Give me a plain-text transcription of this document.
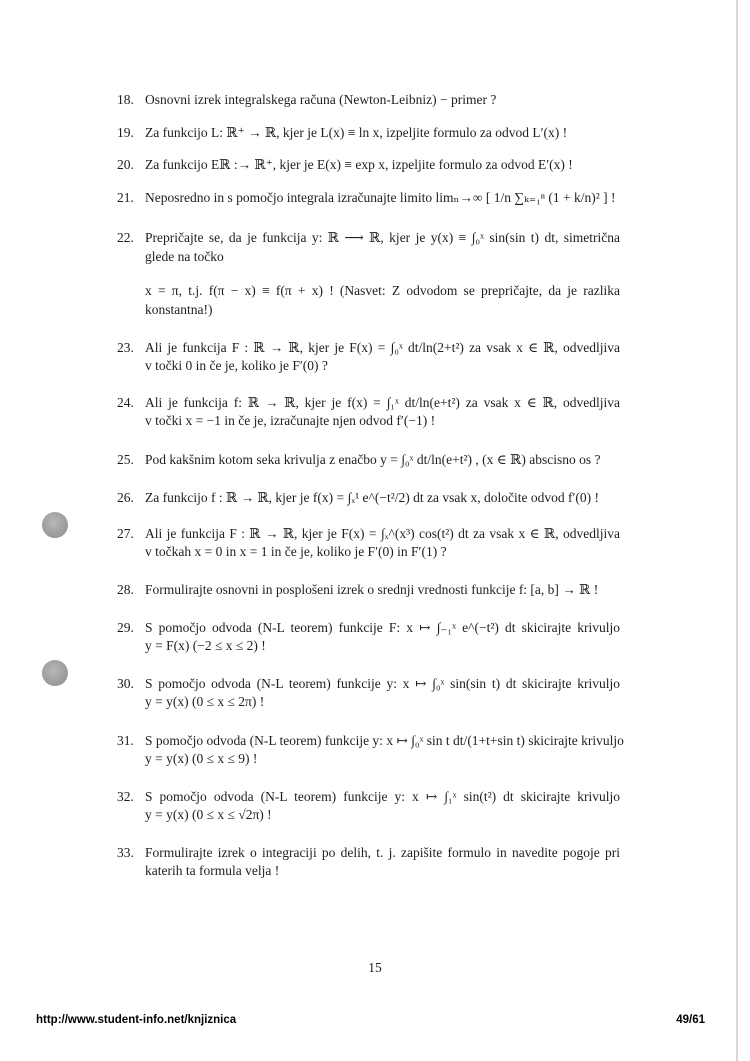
18. Osnovni izrek integralskega računa (Newton-Leibniz) − primer ?
19. Za funkcijo L: ℝ⁺ → ℝ, kjer je L(x) ≡ ln x, izpeljite formulo za odvod L′(x) !
20. Za funkcijo Eℝ :→ ℝ⁺, kjer je E(x) ≡ exp x, izpeljite formulo za odvod E′(x) !
21. Neposredno in s pomočjo integrala izračunajte limito limₙ→∞ [ 1/n ∑ₖ₌₁ⁿ (1 + k/n)² ] !
22. Prepričajte se, da je funkcija y: ℝ ⟶ ℝ, kjer je y(x) ≡ ∫₀ˣ sin(sin t) dt, simetrična
glede na točko
x = π, t.j. f(π − x) ≡ f(π + x) ! (Nasvet: Z odvodom se prepričajte, da je razlika
konstantna!)
23. Ali je funkcija F : ℝ → ℝ, kjer je F(x) = ∫₀ˣ dt/ln(2+t²) za vsak x ∈ ℝ, odvedljiva
v točki 0 in če je, koliko je F′(0) ?
24. Ali je funkcija f: ℝ → ℝ, kjer je f(x) = ∫₁ˣ dt/ln(e+t²) za vsak x ∈ ℝ, odvedljiva
v točki x = −1 in če je, izračunajte njen odvod f′(−1) !
25. Pod kakšnim kotom seka krivulja z enačbo y = ∫₀ˣ dt/ln(e+t²) , (x ∈ ℝ) abscisno os ?
26. Za funkcijo f : ℝ → ℝ, kjer je f(x) = ∫ₓ¹ e^(−t²/2) dt za vsak x, določite odvod f′(0) !
27. Ali je funkcija F : ℝ → ℝ, kjer je F(x) = ∫ₓ^(x³) cos(t²) dt za vsak x ∈ ℝ, odvedljiva
v točkah x = 0 in x = 1 in če je, koliko je F′(0) in F′(1) ?
28. Formulirajte osnovni in posplošeni izrek o srednji vrednosti funkcije f: [a, b] → ℝ !
29. S pomočjo odvoda (N-L teorem) funkcije F: x ↦ ∫₋₁ˣ e^(−t²) dt skicirajte krivuljo
y = F(x) (−2 ≤ x ≤ 2) !
30. S pomočjo odvoda (N-L teorem) funkcije y: x ↦ ∫₀ˣ sin(sin t) dt skicirajte krivuljo
y = y(x) (0 ≤ x ≤ 2π) !
31. S pomočjo odvoda (N-L teorem) funkcije y: x ↦ ∫₀ˣ sin t dt/(1+t+sin t) skicirajte krivuljo
y = y(x) (0 ≤ x ≤ 9) !
32. S pomočjo odvoda (N-L teorem) funkcije y: x ↦ ∫₁ˣ sin(t²) dt skicirajte krivuljo
y = y(x) (0 ≤ x ≤ √2π) !
33. Formulirajte izrek o integraciji po delih, t. j. zapišite formulo in navedite pogoje pri
katerih ta formula velja !
15
http://www.student-info.net/knjiznica	49/61
